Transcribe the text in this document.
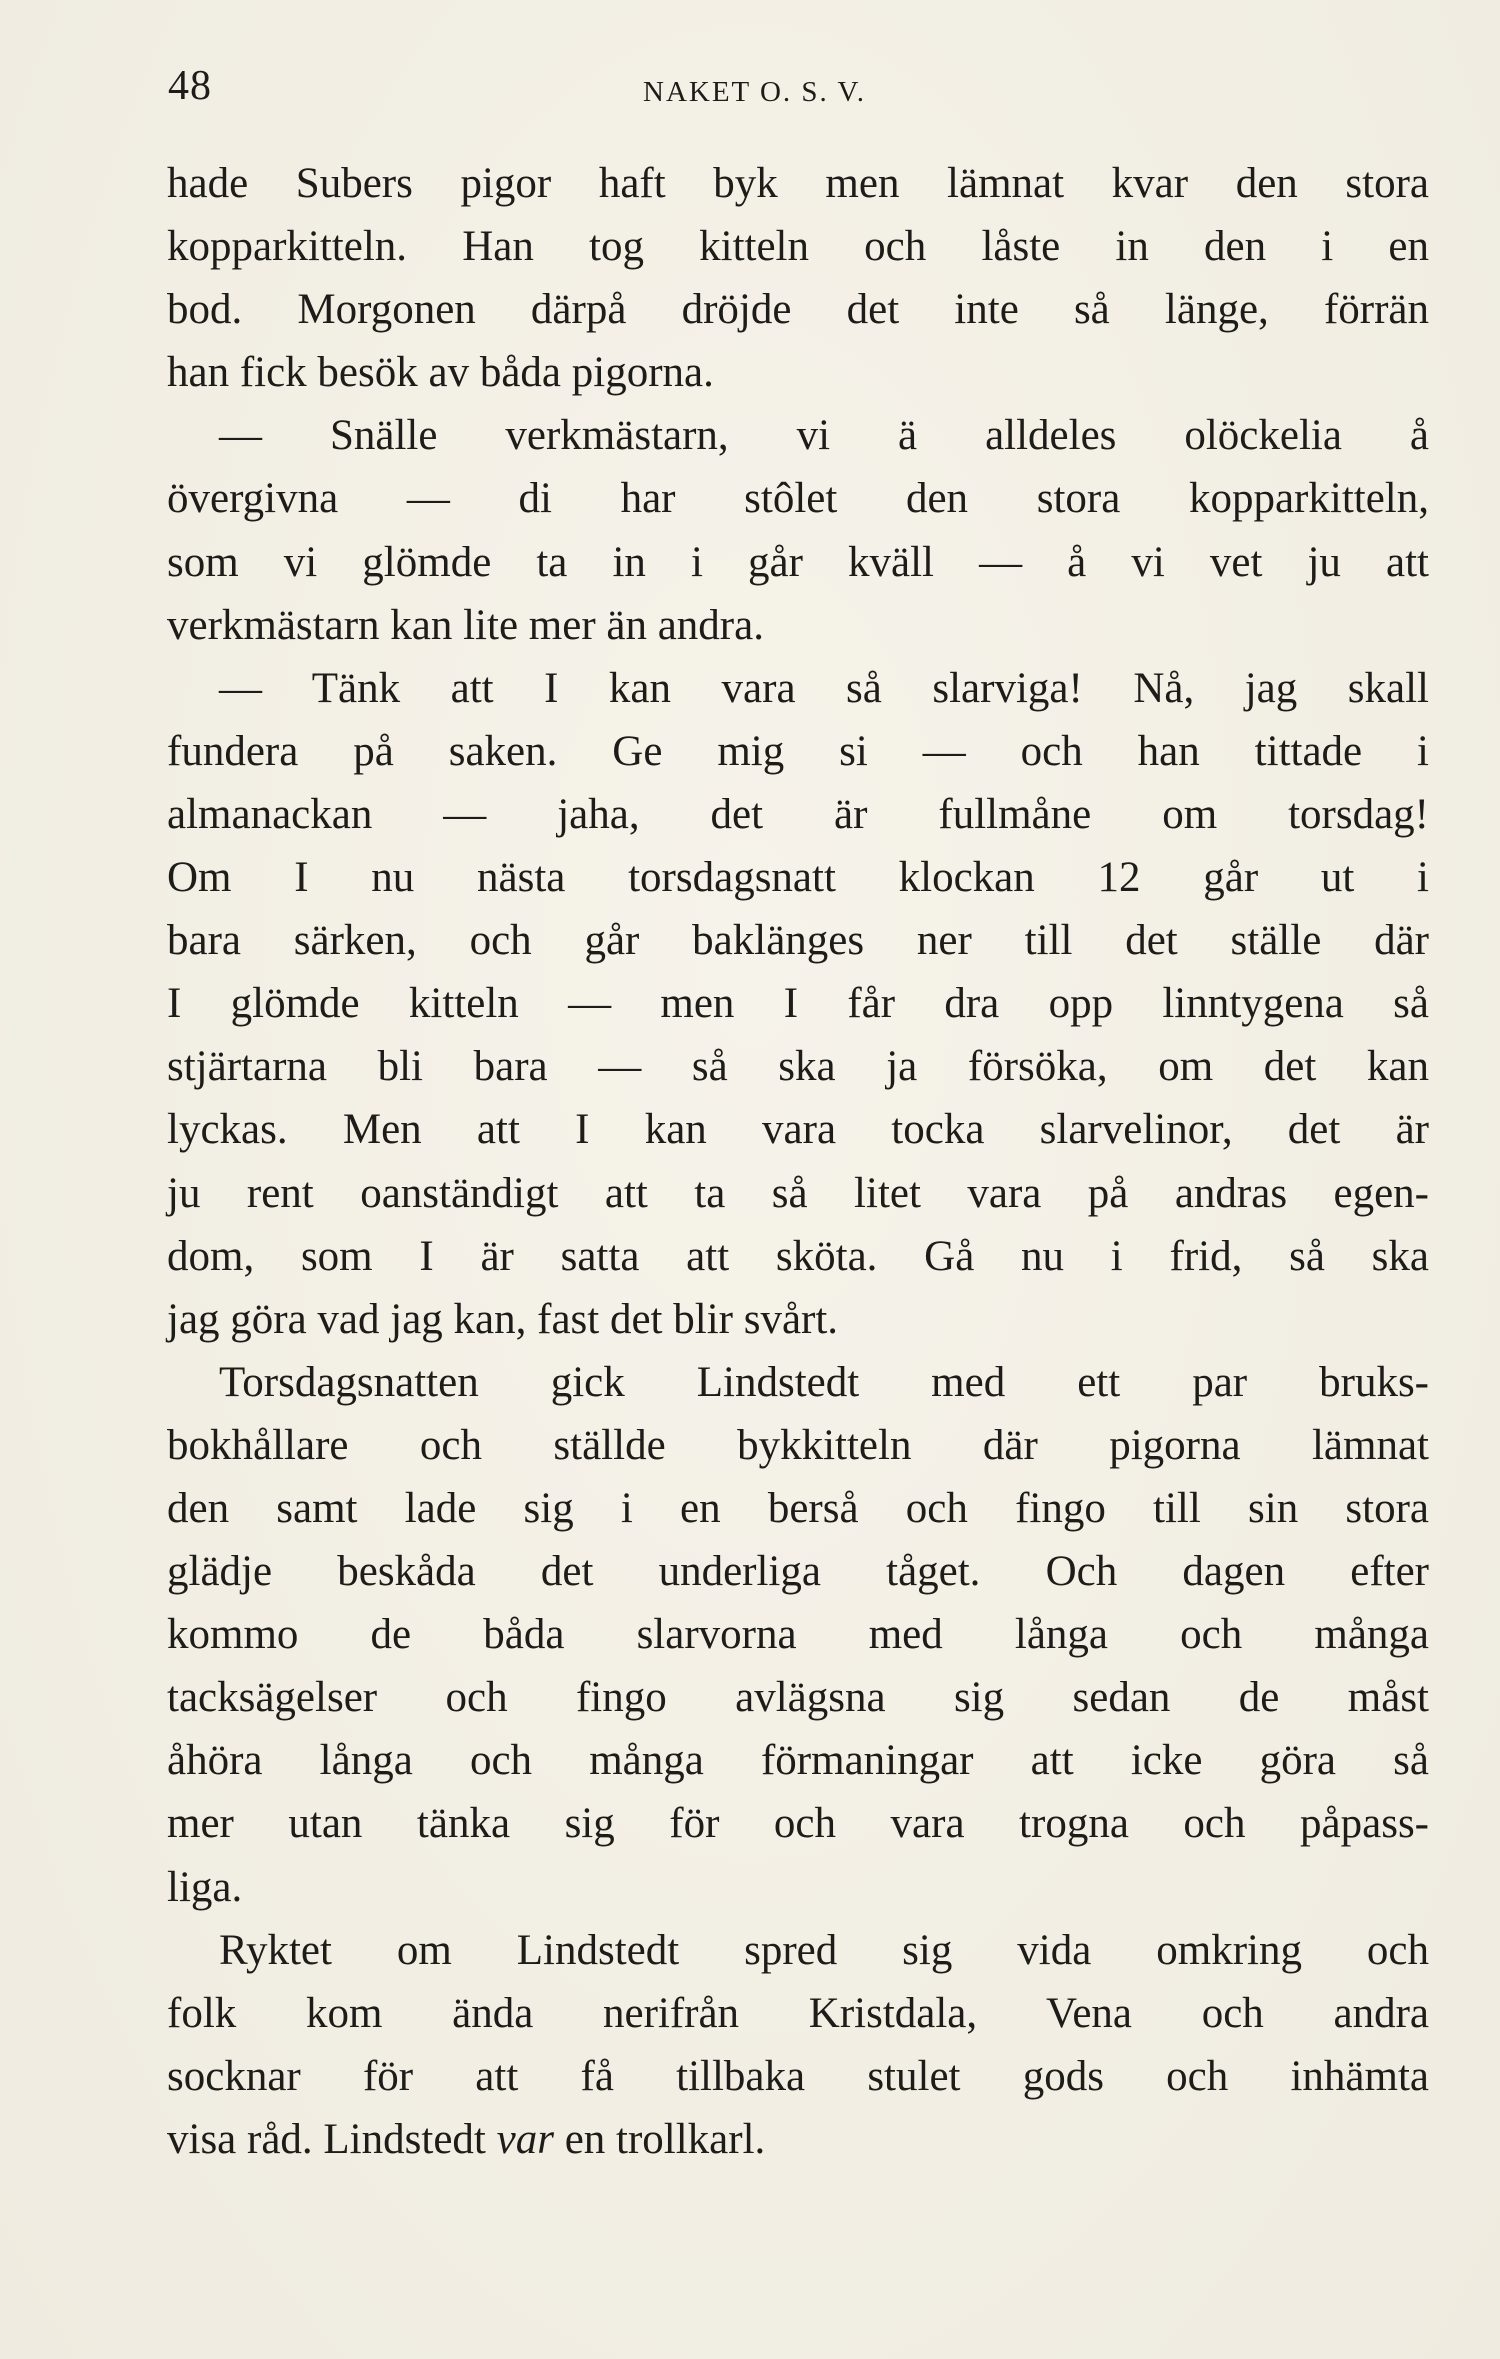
48	NAKET O. S. V.

hade Subers pigor haft byk men lämnat kvar den stora
kopparkitteln. Han tog kitteln och låste in den i en
bod. Morgonen därpå dröjde det inte så länge, förrän
han fick besök av båda pigorna.

— Snälle verkmästarn, vi ä alldeles olöckelia å
övergivna — di har stôlet den stora kopparkitteln,
som vi glömde ta in i går kväll — å vi vet ju att
verkmästarn kan lite mer än andra.

— Tänk att I kan vara så slarviga! Nå, jag skall
fundera på saken. Ge mig si — och han tittade i
almanackan — jaha, det är fullmåne om torsdag!
Om I nu nästa torsdagsnatt klockan 12 går ut i
bara särken, och går baklänges ner till det ställe där
I glömde kitteln — men I får dra opp linntygena så
stjärtarna bli bara — så ska ja försöka, om det kan
lyckas. Men att I kan vara tocka slarvelinor, det är
ju rent oanständigt att ta så litet vara på andras egen-
dom, som I är satta att sköta. Gå nu i frid, så ska
jag göra vad jag kan, fast det blir svårt.

Torsdagsnatten gick Lindstedt med ett par bruks-
bokhållare och ställde bykkitteln där pigorna lämnat
den samt lade sig i en berså och fingo till sin stora
glädje beskåda det underliga tåget. Och dagen efter
kommo de båda slarvorna med långa och många
tacksägelser och fingo avlägsna sig sedan de måst
åhöra långa och många förmaningar att icke göra så
mer utan tänka sig för och vara trogna och påpass-
liga.

Ryktet om Lindstedt spred sig vida omkring och
folk kom ända nerifrån Kristdala, Vena och andra
socknar för att få tillbaka stulet gods och inhämta
visa råd. Lindstedt var en trollkarl.
